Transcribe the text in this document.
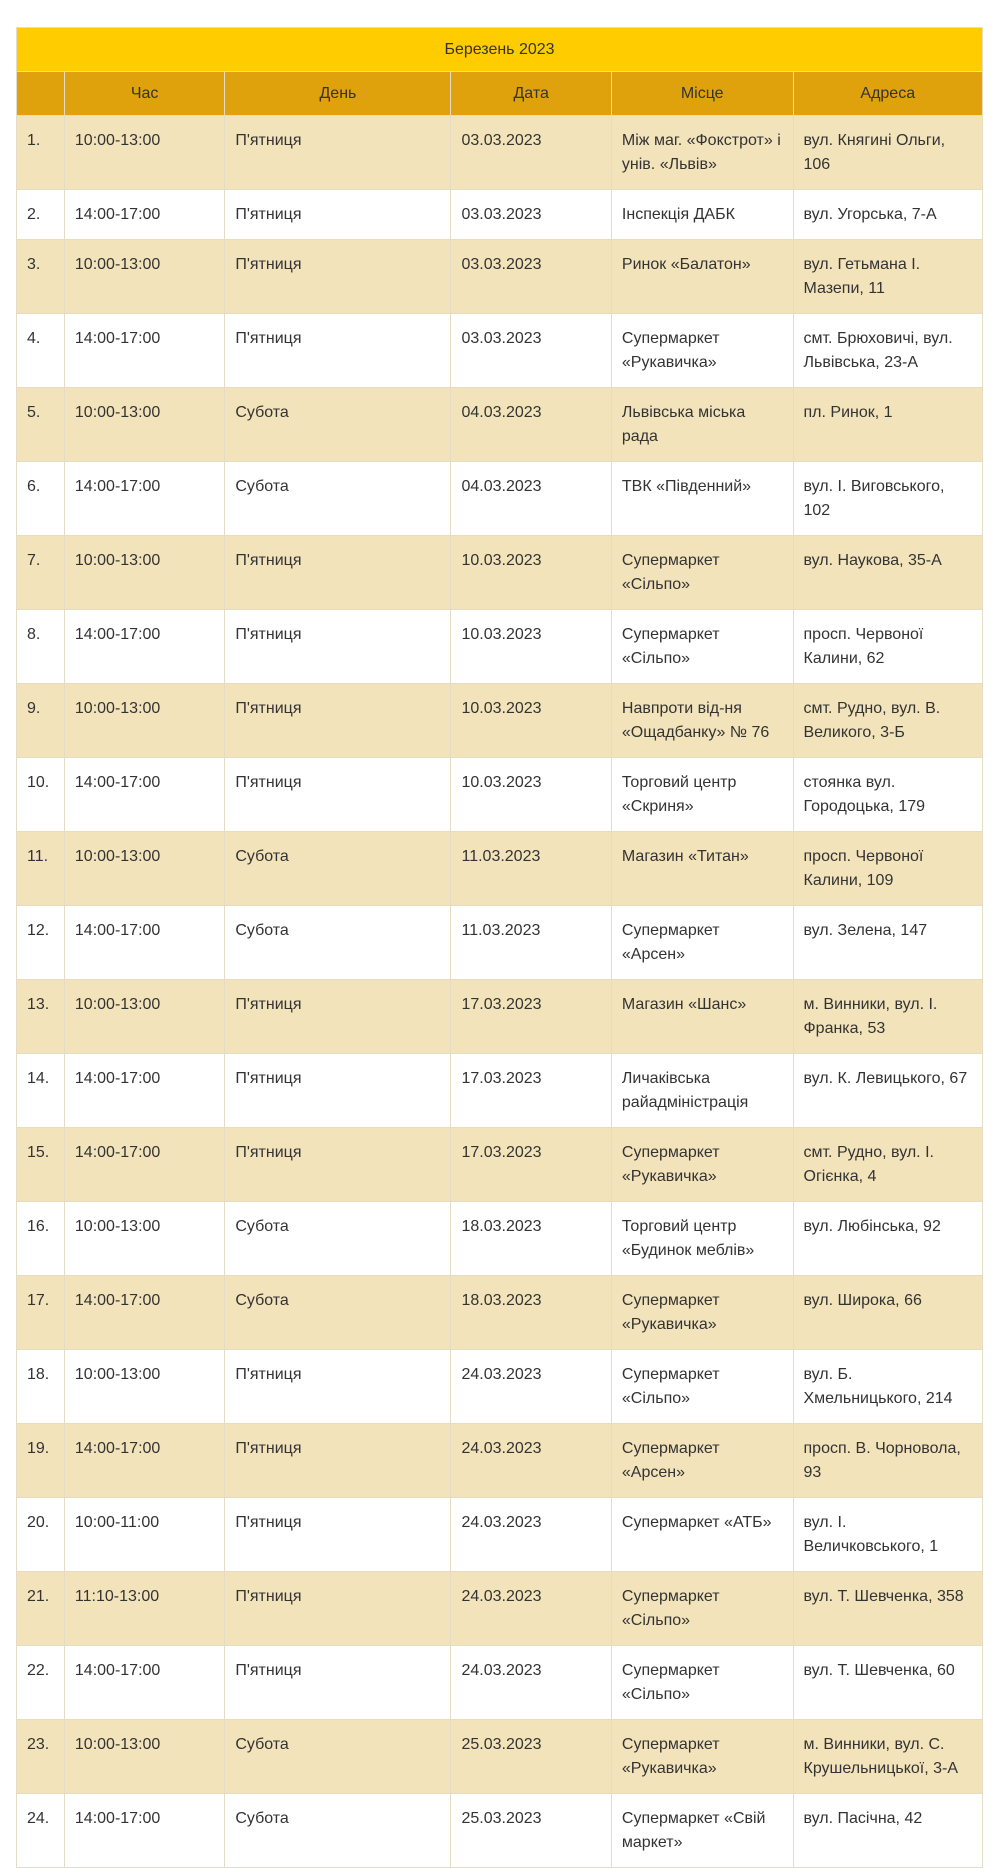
Березень 2023					
	Час	День	Дата	Місце	Адреса
1.	10:00-13:00	П'ятниця	03.03.2023	Між маг. «Фокстрот» і унів. «Львів»	вул. Княгині Ольги, 106
2.	14:00-17:00	П'ятниця	03.03.2023	Інспекція ДАБК	вул. Угорська, 7-А
3.	10:00-13:00	П'ятниця	03.03.2023	Ринок «Балатон»	вул. Гетьмана І. Мазепи, 11
4.	14:00-17:00	П'ятниця	03.03.2023	Супермаркет «Рукавичка»	смт. Брюховичі, вул. Львівська, 23-А
5.	10:00-13:00	Субота	04.03.2023	Львівська міська рада	пл. Ринок, 1
6.	14:00-17:00	Субота	04.03.2023	ТВК «Південний»	вул. І. Виговського, 102
7.	10:00-13:00	П'ятниця	10.03.2023	Супермаркет «Сільпо»	вул. Наукова, 35-А
8.	14:00-17:00	П'ятниця	10.03.2023	Супермаркет «Сільпо»	просп. Червоної Калини, 62
9.	10:00-13:00	П'ятниця	10.03.2023	Навпроти від-ня «Ощадбанку» № 76	смт. Рудно, вул. В. Великого, 3-Б
10.	14:00-17:00	П'ятниця	10.03.2023	Торговий центр «Скриня»	стоянка вул. Городоцька, 179
11.	10:00-13:00	Субота	11.03.2023	Магазин «Титан»	просп. Червоної Калини, 109
12.	14:00-17:00	Субота	11.03.2023	Супермаркет «Арсен»	вул. Зелена, 147
13.	10:00-13:00	П'ятниця	17.03.2023	Магазин «Шанс»	м. Винники, вул. І. Франка, 53
14.	14:00-17:00	П'ятниця	17.03.2023	Личаківська райадміністрація	вул. К. Левицького, 67
15.	14:00-17:00	П'ятниця	17.03.2023	Супермаркет «Рукавичка»	смт. Рудно, вул. І. Огієнка, 4
16.	10:00-13:00	Субота	18.03.2023	Торговий центр «Будинок меблів»	вул. Любінська, 92
17.	14:00-17:00	Субота	18.03.2023	Супермаркет «Рукавичка»	вул. Широка, 66
18.	10:00-13:00	П'ятниця	24.03.2023	Супермаркет «Сільпо»	вул. Б. Хмельницького, 214
19.	14:00-17:00	П'ятниця	24.03.2023	Супермаркет «Арсен»	просп. В. Чорновола, 93
20.	10:00-11:00	П'ятниця	24.03.2023	Супермаркет «АТБ»	вул. І. Величковського, 1
21.	11:10-13:00	П'ятниця	24.03.2023	Супермаркет «Сільпо»	вул. Т. Шевченка, 358
22.	14:00-17:00	П'ятниця	24.03.2023	Супермаркет «Сільпо»	вул. Т. Шевченка, 60
23.	10:00-13:00	Субота	25.03.2023	Супермаркет «Рукавичка»	м. Винники, вул. С. Крушельницької, 3-А
24.	14:00-17:00	Субота	25.03.2023	Супермаркет «Свій маркет»	вул. Пасічна, 42
